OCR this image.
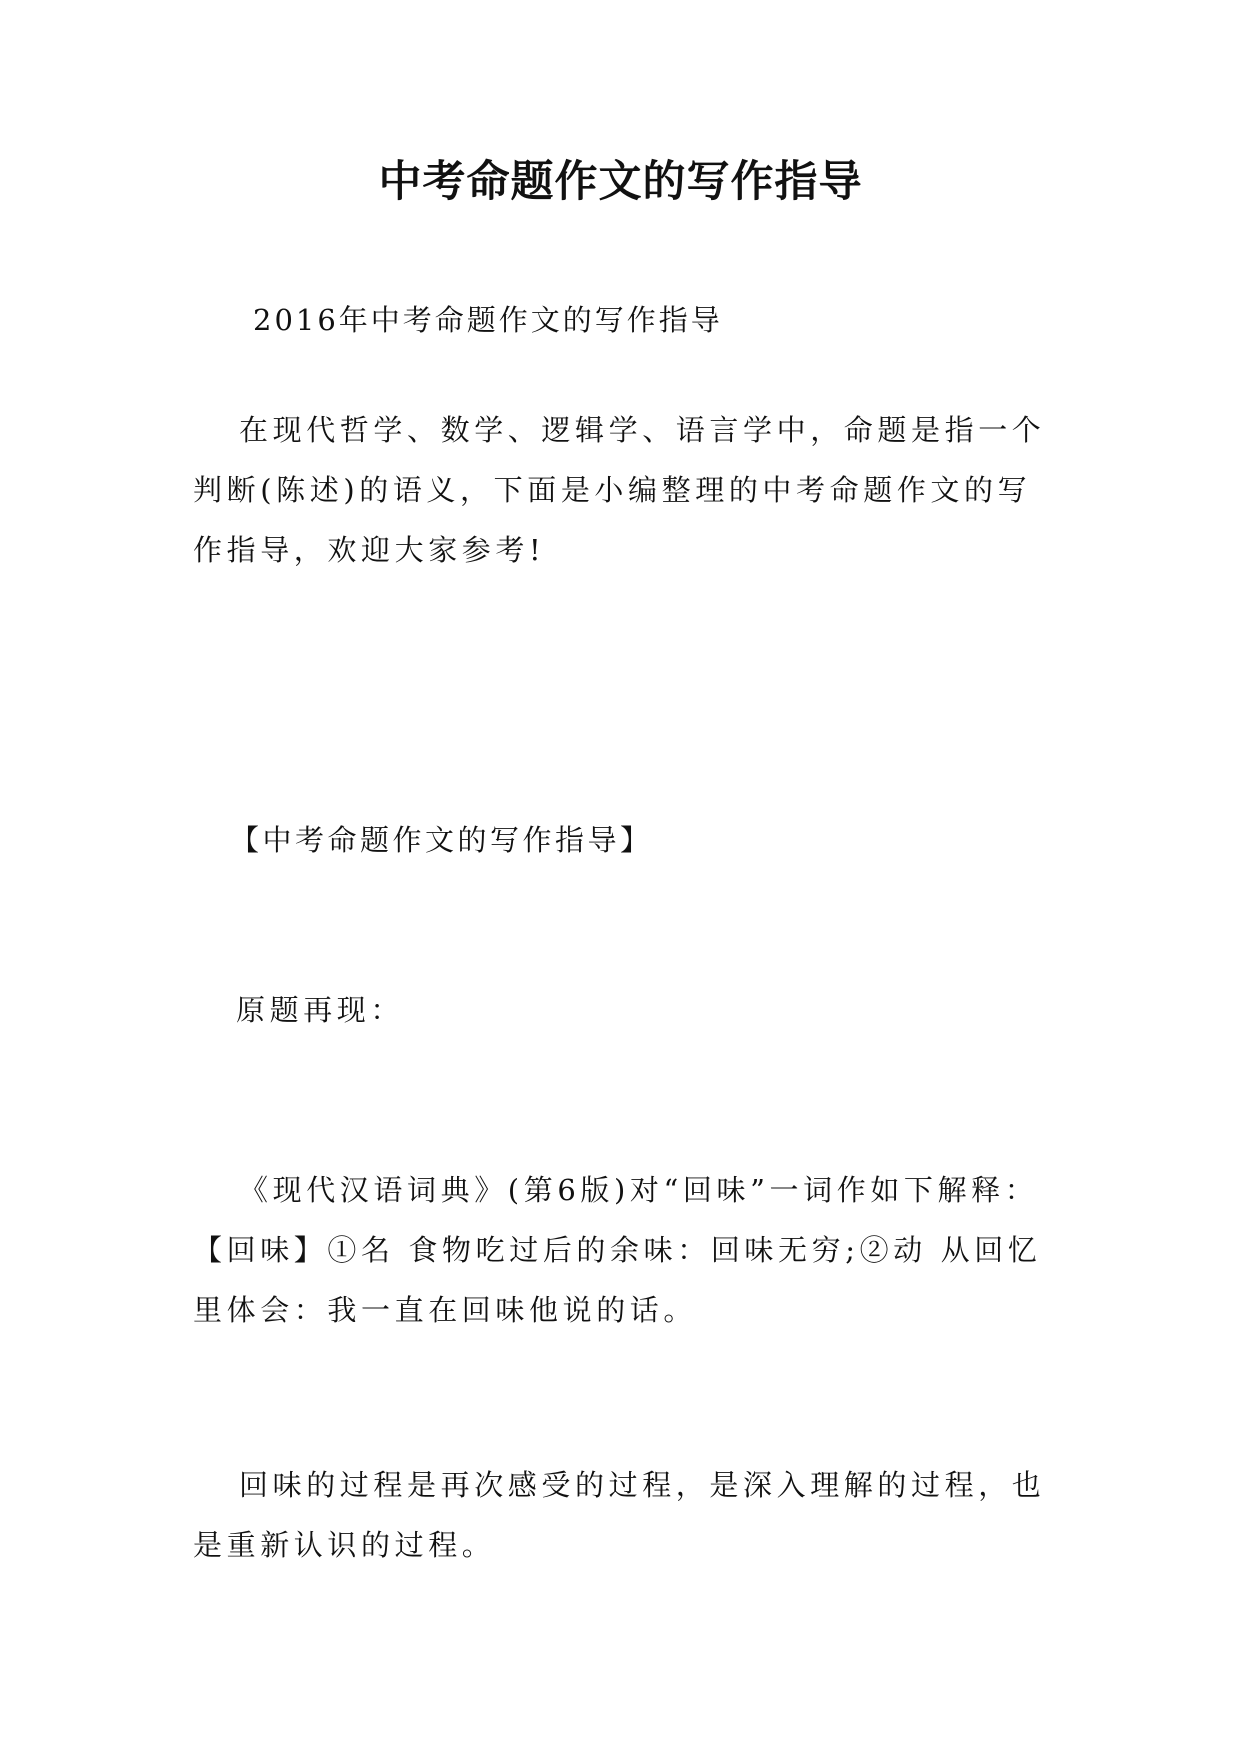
中考命题作文的写作指导
2016年中考命题作文的写作指导
在现代哲学、数学、逻辑学、语言学中，命题是指一个判断(陈述)的语义，下面是小编整理的中考命题作文的写作指导，欢迎大家参考!
【中考命题作文的写作指导】
原题再现：
《现代汉语词典》(第6版)对“回味”一词作如下解释：【回味】①名 食物吃过后的余味：回味无穷;②动 从回忆里体会：我一直在回味他说的话。
回味的过程是再次感受的过程，是深入理解的过程，也是重新认识的过程。
